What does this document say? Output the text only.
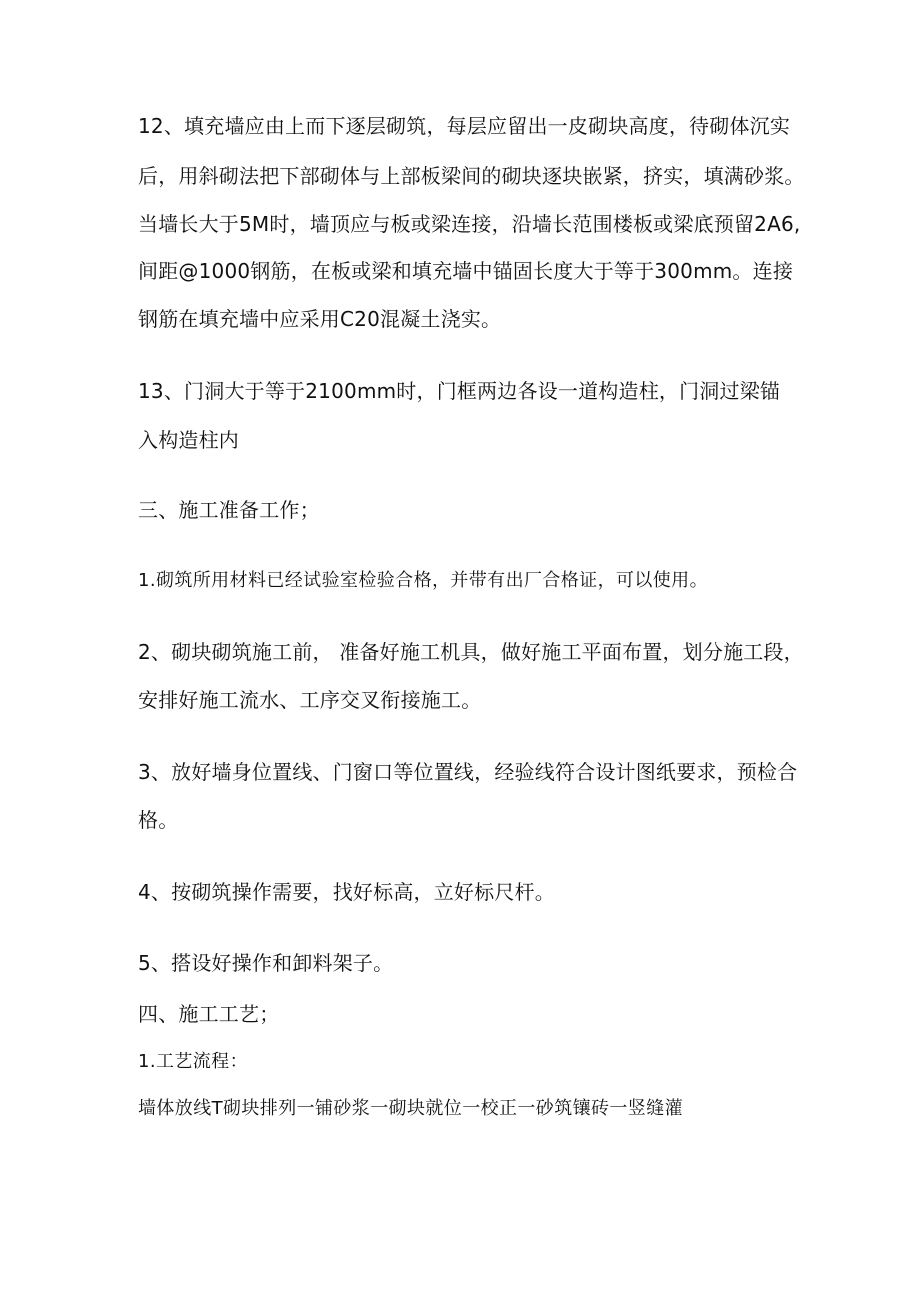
12、填充墙应由上而下逐层砌筑，每层应留出一皮砌块高度，待砌体沉实
后，用斜砌法把下部砌体与上部板梁间的砌块逐块嵌紧，挤实，填满砂浆。
当墙长大于5M时，墙顶应与板或梁连接，沿墙长范围楼板或梁底预留2A6,
间距@1000钢筋，在板或梁和填充墙中锚固长度大于等于300mm。连接
钢筋在填充墙中应采用C20混凝土浇实。
13、门洞大于等于2100mm时，门框两边各设一道构造柱，门洞过梁锚
入构造柱内
三、施工准备工作；
1.砌筑所用材料已经试验室检验合格，并带有出厂合格证，可以使用。
2、砌块砌筑施工前， 准备好施工机具，做好施工平面布置，划分施工段，
安排好施工流水、工序交叉衔接施工。
3、放好墙身位置线、门窗口等位置线，经验线符合设计图纸要求，预检合
格。
4、按砌筑操作需要，找好标高，立好标尺杆。
5、搭设好操作和卸料架子。
四、施工工艺；
1.工艺流程：
墙体放线T砌块排列一铺砂浆一砌块就位一校正一砂筑镶砖一竖缝灌
